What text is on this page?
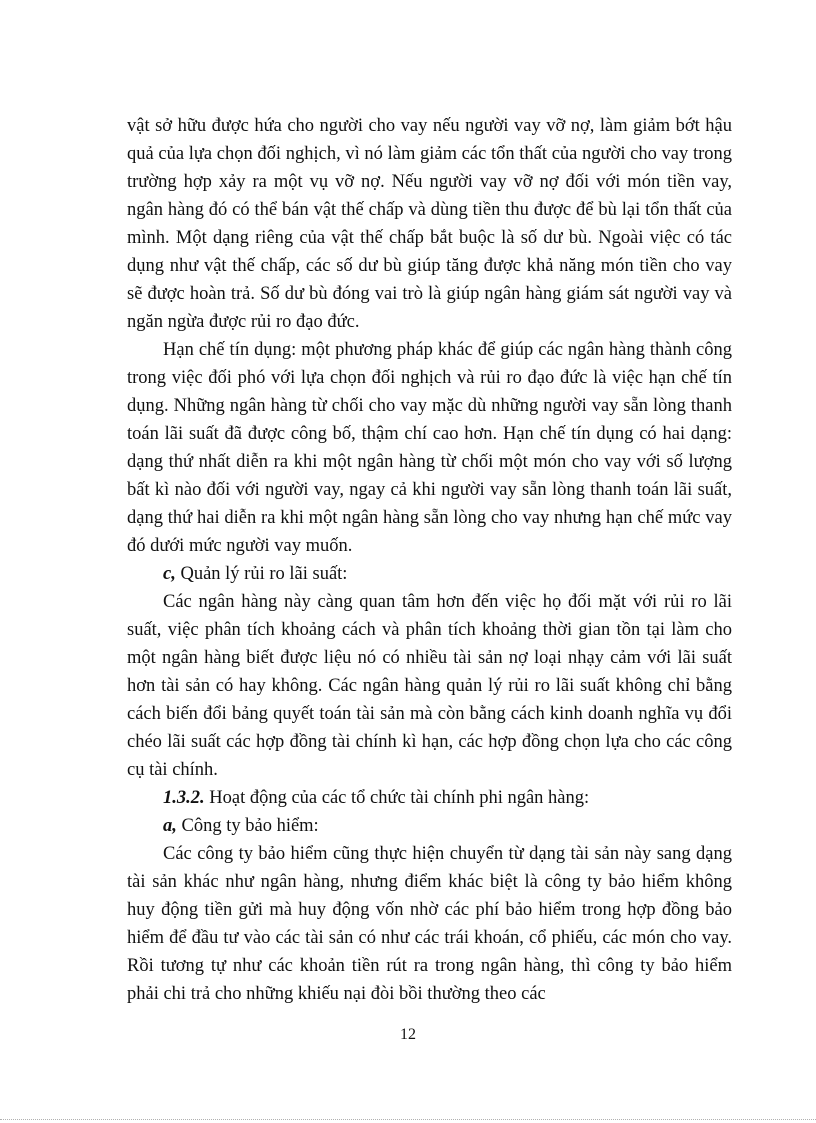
vật sở hữu được hứa cho người cho vay nếu người vay vỡ nợ, làm giảm bớt hậu quả của lựa chọn đối nghịch, vì nó làm giảm các tổn thất của người cho vay trong trường hợp xảy ra một vụ vỡ nợ. Nếu người vay vỡ nợ đối với món tiền vay, ngân hàng đó có thể bán vật thế chấp và dùng tiền thu được để bù lại tổn thất của mình. Một dạng riêng của vật thế chấp bắt buộc là số dư bù. Ngoài việc có tác dụng như vật thế chấp, các số dư bù giúp tăng được khả năng món tiền cho vay sẽ được hoàn trả. Số dư bù đóng vai trò là giúp ngân hàng giám sát người vay và ngăn ngừa được rủi ro đạo đức.

Hạn chế tín dụng: một phương pháp khác để giúp các ngân hàng thành công trong việc đối phó với lựa chọn đối nghịch và rủi ro đạo đức là việc hạn chế tín dụng. Những ngân hàng từ chối cho vay mặc dù những người vay sẵn lòng thanh toán lãi suất đã được công bố, thậm chí cao hơn. Hạn chế tín dụng có hai dạng: dạng thứ nhất diễn ra khi một ngân hàng từ chối một món cho vay với số lượng bất kì nào đối với người vay, ngay cả khi người vay sẵn lòng thanh toán lãi suất, dạng thứ hai diễn ra khi một ngân hàng sẵn lòng cho vay nhưng hạn chế mức vay đó dưới mức người vay muốn.

c, Quản lý rủi ro lãi suất:

Các ngân hàng này càng quan tâm hơn đến việc họ đối mặt với rủi ro lãi suất, việc phân tích khoảng cách và phân tích khoảng thời gian tồn tại làm cho một ngân hàng biết được liệu nó có nhiều tài sản nợ loại nhạy cảm với lãi suất hơn tài sản có hay không. Các ngân hàng quản lý rủi ro lãi suất không chỉ bằng cách biến đổi bảng quyết toán tài sản mà còn bằng cách kinh doanh nghĩa vụ đổi chéo lãi suất các hợp đồng tài chính kì hạn, các hợp đồng chọn lựa cho các công cụ tài chính.

1.3.2. Hoạt động của các tổ chức tài chính phi ngân hàng:

a, Công ty bảo hiểm:

Các công ty bảo hiểm cũng thực hiện chuyển từ dạng tài sản này sang dạng tài sản khác như ngân hàng, nhưng điểm khác biệt là công ty bảo hiểm không huy động tiền gửi mà huy động vốn nhờ các phí bảo hiểm trong hợp đồng bảo hiểm để đầu tư vào các tài sản có như các trái khoán, cổ phiếu, các món cho vay. Rồi tương tự như các khoản tiền rút ra trong ngân hàng, thì công ty bảo hiểm phải chi trả cho những khiếu nại đòi bồi thường theo các

12
